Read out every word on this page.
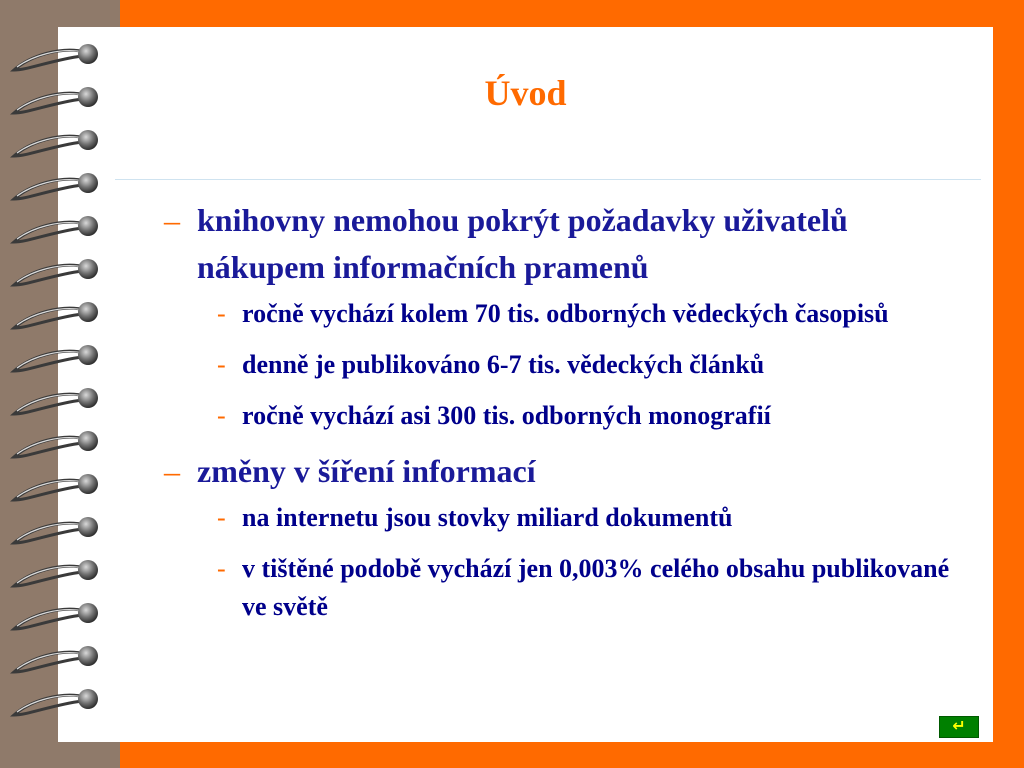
Úvod
– knihovny nemohou pokrýt požadavky uživatelů nákupem informačních pramenů
- ročně vychází kolem 70 tis. odborných vědeckých časopisů
- denně je publikováno 6-7 tis. vědeckých článků
- ročně vychází asi 300 tis. odborných monografií
– změny v šíření informací
- na internetu jsou stovky miliard dokumentů
- v tištěné podobě vychází jen 0,003% celého obsahu publikované ve světě
↵
